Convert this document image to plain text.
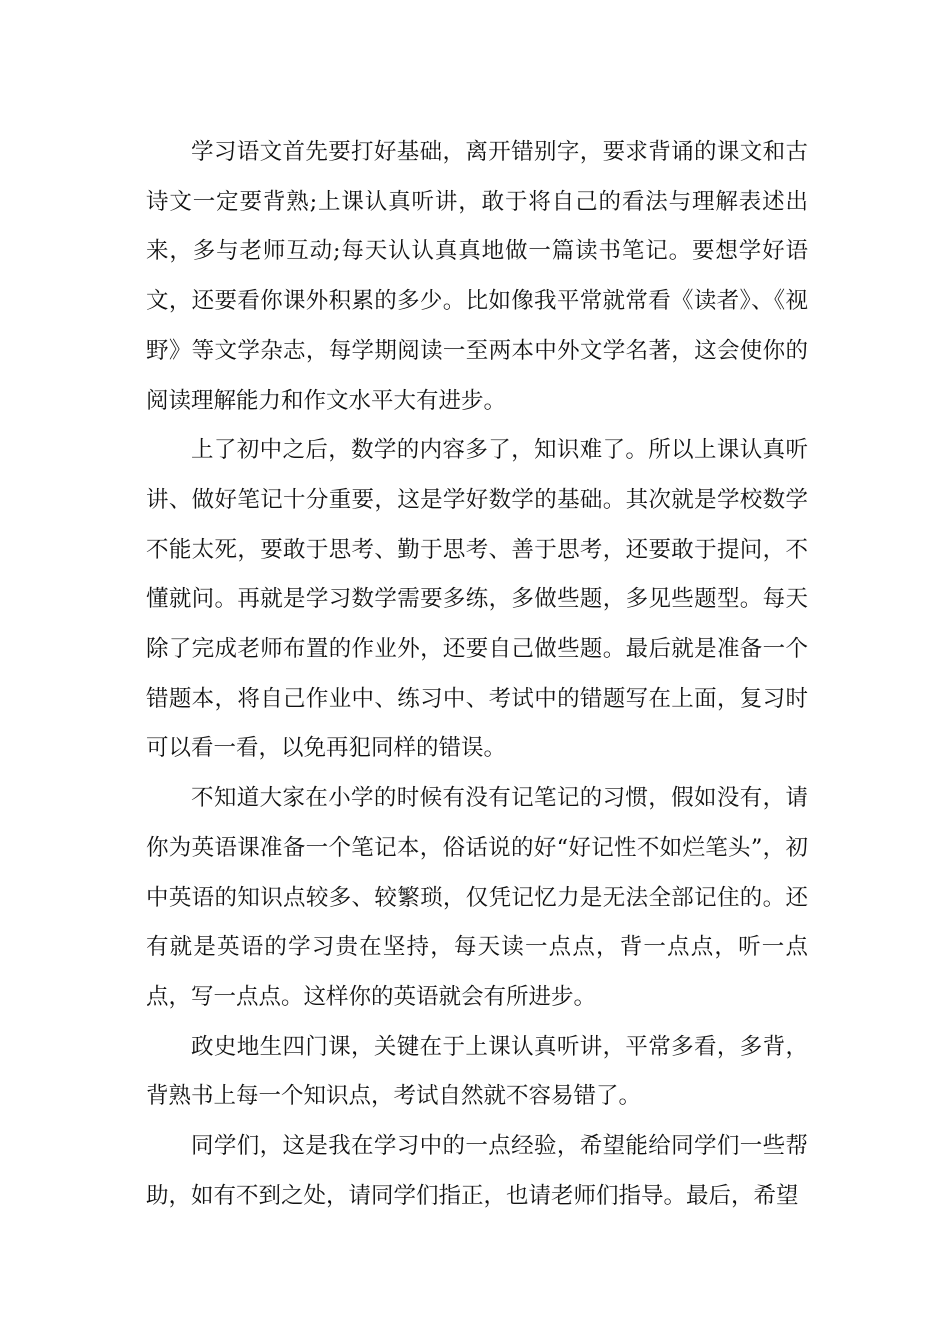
学习语文首先要打好基础，离开错别字，要求背诵的课文和古诗文一定要背熟;上课认真听讲，敢于将自己的看法与理解表述出来，多与老师互动;每天认认真真地做一篇读书笔记。要想学好语文，还要看你课外积累的多少。比如像我平常就常看《读者》、《视野》等文学杂志，每学期阅读一至两本中外文学名著，这会使你的阅读理解能力和作文水平大有进步。

上了初中之后，数学的内容多了，知识难了。所以上课认真听讲、做好笔记十分重要，这是学好数学的基础。其次就是学校数学不能太死，要敢于思考、勤于思考、善于思考，还要敢于提问，不懂就问。再就是学习数学需要多练，多做些题，多见些题型。每天除了完成老师布置的作业外，还要自己做些题。最后就是准备一个错题本，将自己作业中、练习中、考试中的错题写在上面，复习时可以看一看，以免再犯同样的错误。

不知道大家在小学的时候有没有记笔记的习惯，假如没有，请你为英语课准备一个笔记本，俗话说的好“好记性不如烂笔头”，初中英语的知识点较多、较繁琐，仅凭记忆力是无法全部记住的。还有就是英语的学习贵在坚持，每天读一点点，背一点点，听一点点，写一点点。这样你的英语就会有所进步。

政史地生四门课，关键在于上课认真听讲，平常多看，多背，背熟书上每一个知识点，考试自然就不容易错了。

同学们，这是我在学习中的一点经验，希望能给同学们一些帮助，如有不到之处，请同学们指正，也请老师们指导。最后，希望
